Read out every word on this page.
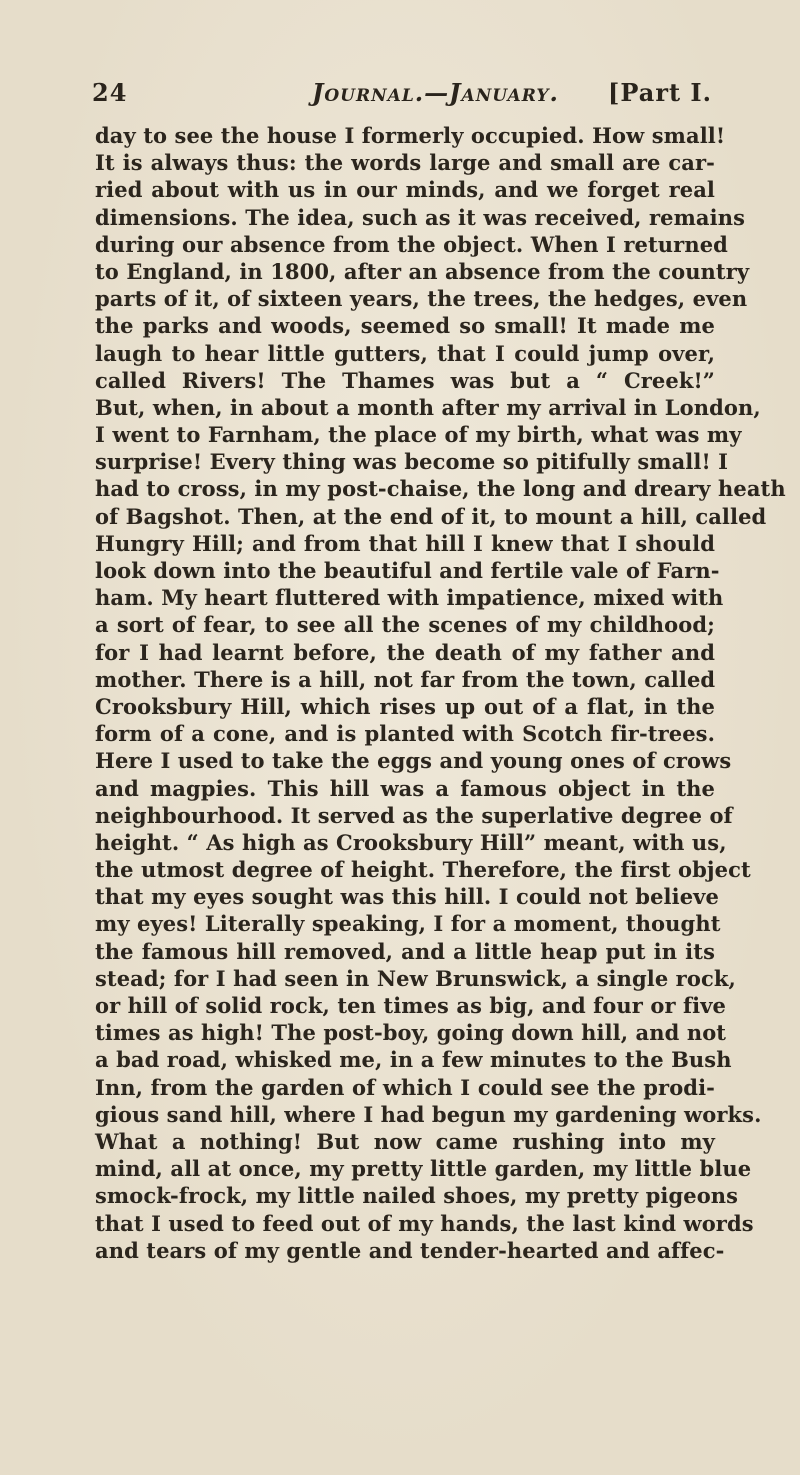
24	Journal.—January. [Part I.
day to see the house I formerly occupied. How small!
It is always thus: the words large and small are car-
ried about with us in our minds, and we forget real
dimensions. The idea, such as it was received, remains
during our absence from the object. When I returned
to England, in 1800, after an absence from the country
parts of it, of sixteen years, the trees, the hedges, even
the parks and woods, seemed so small! It made me
laugh to hear little gutters, that I could jump over,
called Rivers! The Thames was but a “ Creek!”
But, when, in about a month after my arrival in London,
I went to Farnham, the place of my birth, what was my
surprise! Every thing was become so pitifully small! I
had to cross, in my post-chaise, the long and dreary heath
of Bagshot. Then, at the end of it, to mount a hill, called
Hungry Hill; and from that hill I knew that I should
look down into the beautiful and fertile vale of Farn-
ham. My heart fluttered with impatience, mixed with
a sort of fear, to see all the scenes of my childhood;
for I had learnt before, the death of my father and
mother. There is a hill, not far from the town, called
Crooksbury Hill, which rises up out of a flat, in the
form of a cone, and is planted with Scotch fir-trees.
Here I used to take the eggs and young ones of crows
and magpies. This hill was a famous object in the
neighbourhood. It served as the superlative degree of
height. “ As high as Crooksbury Hill” meant, with us,
the utmost degree of height. Therefore, the first object
that my eyes sought was this hill. I could not believe
my eyes! Literally speaking, I for a moment, thought
the famous hill removed, and a little heap put in its
stead; for I had seen in New Brunswick, a single rock,
or hill of solid rock, ten times as big, and four or five
times as high! The post-boy, going down hill, and not
a bad road, whisked me, in a few minutes to the Bush
Inn, from the garden of which I could see the prodi-
gious sand hill, where I had begun my gardening works.
What a nothing! But now came rushing into my
mind, all at once, my pretty little garden, my little blue
smock-frock, my little nailed shoes, my pretty pigeons
that I used to feed out of my hands, the last kind words
and tears of my gentle and tender-hearted and affec-
